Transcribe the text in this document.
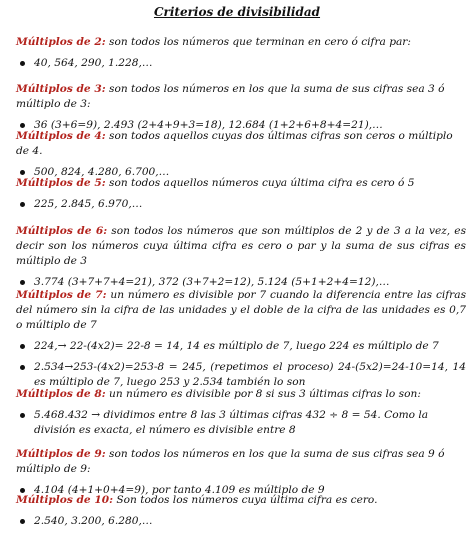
Criterios de divisibilidad

Múltiplos de 2: son todos los números que terminan en cero ó cifra par:

40, 564, 290, 1.228,…

Múltiplos de 3: son todos los números en los que la suma de sus cifras sea 3 ó múltiplo de 3:

36 (3+6=9), 2.493 (2+4+9+3=18), 12.684 (1+2+6+8+4=21),…

Múltiplos de 4: son todos aquellos cuyas dos últimas cifras son ceros o múltiplo de 4.

500, 824, 4.280, 6.700,…

Múltiplos de 5: son todos aquellos números cuya última cifra es cero ó 5

225, 2.845, 6.970,…

Múltiplos de 6: son todos los números que son múltiplos de 2 y de 3 a la vez, es decir son los números cuya última cifra es cero o par y la suma de sus cifras es múltiplo de 3

3.774 (3+7+7+4=21), 372 (3+7+2=12), 5.124 (5+1+2+4=12),…

Múltiplos de 7: un número es divisible por 7 cuando la diferencia entre las cifras del número sin la cifra de las unidades y el doble de la cifra de las unidades es 0,7 o múltiplo de 7

224,→ 22-(4x2)= 22-8 = 14, 14 es múltiplo de 7, luego 224 es múltiplo de 7
2.534→253-(4x2)=253-8 = 245, (repetimos el proceso) 24-(5x2)=24-10=14, 14 es múltiplo de 7, luego 253 y 2.534 también lo son

Múltiplos de 8: un número es divisible por 8 si sus 3 últimas cifras lo son:

5.468.432 → dividimos entre 8 las 3 últimas cifras 432 ÷ 8 = 54. Como la división es exacta, el número es divisible entre 8

Múltiplos de 9: son todos los números en los que la suma de sus cifras sea 9 ó múltiplo de 9:

4.104 (4+1+0+4=9), por tanto 4.109 es múltiplo de 9

Múltiplos de 10: Son todos los números cuya última cifra es cero.

2.540, 3.200, 6.280,…
